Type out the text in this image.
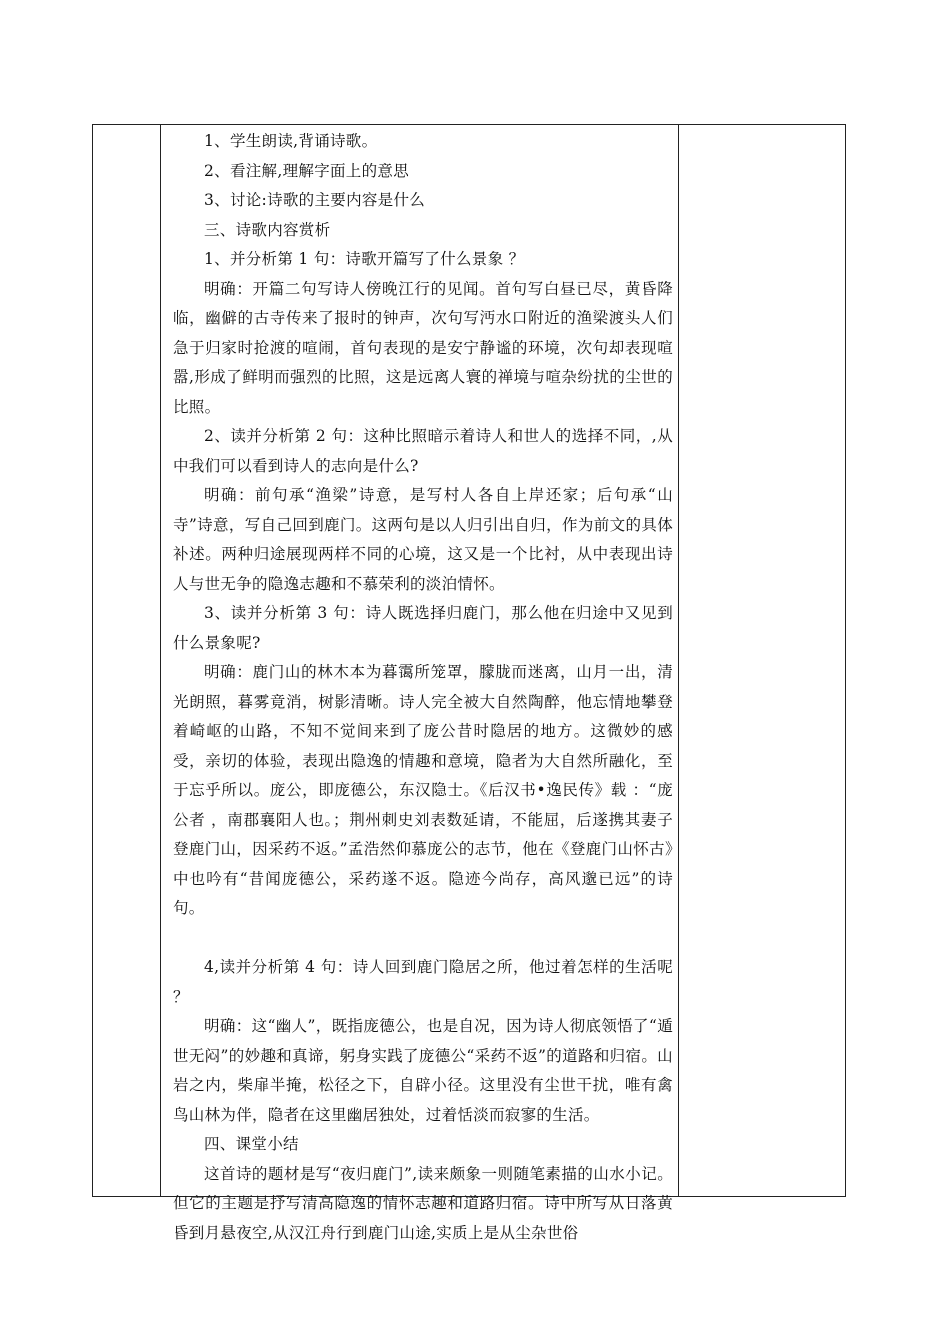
1、学生朗读,背诵诗歌。

2、看注解,理解字面上的意思

3、讨论:诗歌的主要内容是什么

三、诗歌内容赏析

1、并分析第 1 句：诗歌开篇写了什么景象 ？

明确：开篇二句写诗人傍晚江行的见闻。首句写白昼已尽，黄昏降临，幽僻的古寺传来了报时的钟声，次句写沔水口附近的渔梁渡头人们急于归家时抢渡的喧闹，首句表现的是安宁静谧的环境，次句却表现喧嚣,形成了鲜明而强烈的比照，这是远离人寰的禅境与喧杂纷扰的尘世的比照。

2、读并分析第 2 句：这种比照暗示着诗人和世人的选择不同，,从中我们可以看到诗人的志向是什么?

明确：前句承“渔梁”诗意，是写村人各自上岸还家；后句承“山寺”诗意，写自己回到鹿门。这两句是以人归引出自归，作为前文的具体补述。两种归途展现两样不同的心境，这又是一个比衬，从中表现出诗人与世无争的隐逸志趣和不慕荣利的淡泊情怀。

3、读并分析第 3 句：诗人既选择归鹿门，那么他在归途中又见到什么景象呢?

明确：鹿门山的林木本为暮霭所笼罩，朦胧而迷离，山月一出，清光朗照，暮雾竟消，树影清晰。诗人完全被大自然陶醉，他忘情地攀登着崎岖的山路，不知不觉间来到了庞公昔时隐居的地方。这微妙的感受，亲切的体验，表现出隐逸的情趣和意境，隐者为大自然所融化，至于忘乎所以。庞公，即庞德公，东汉隐士。《后汉书•逸民传》载 ：“庞公者 ，南郡襄阳人也。；荆州刺史刘表数延请，不能屈，后遂携其妻子登鹿门山，因采药不返。”孟浩然仰慕庞公的志节，他在《登鹿门山怀古》中也吟有“昔闻庞德公，采药遂不返。隐迹今尚存，高风邈已远”的诗句。

4,读并分析第 4 句：诗人回到鹿门隐居之所，他过着怎样的生活呢 ？

明确：这“幽人”，既指庞德公，也是自况，因为诗人彻底领悟了“遁世无闷”的妙趣和真谛，躬身实践了庞德公“采药不返”的道路和归宿。山岩之内，柴扉半掩，松径之下，自辟小径。这里没有尘世干扰，唯有禽鸟山林为伴，隐者在这里幽居独处，过着恬淡而寂寥的生活。

四、课堂小结

这首诗的题材是写“夜归鹿门”,读来颇象一则随笔素描的山水小记。但它的主题是抒写清高隐逸的情怀志趣和道路归宿。诗中所写从日落黄昏到月悬夜空,从汉江舟行到鹿门山途,实质上是从尘杂世俗
